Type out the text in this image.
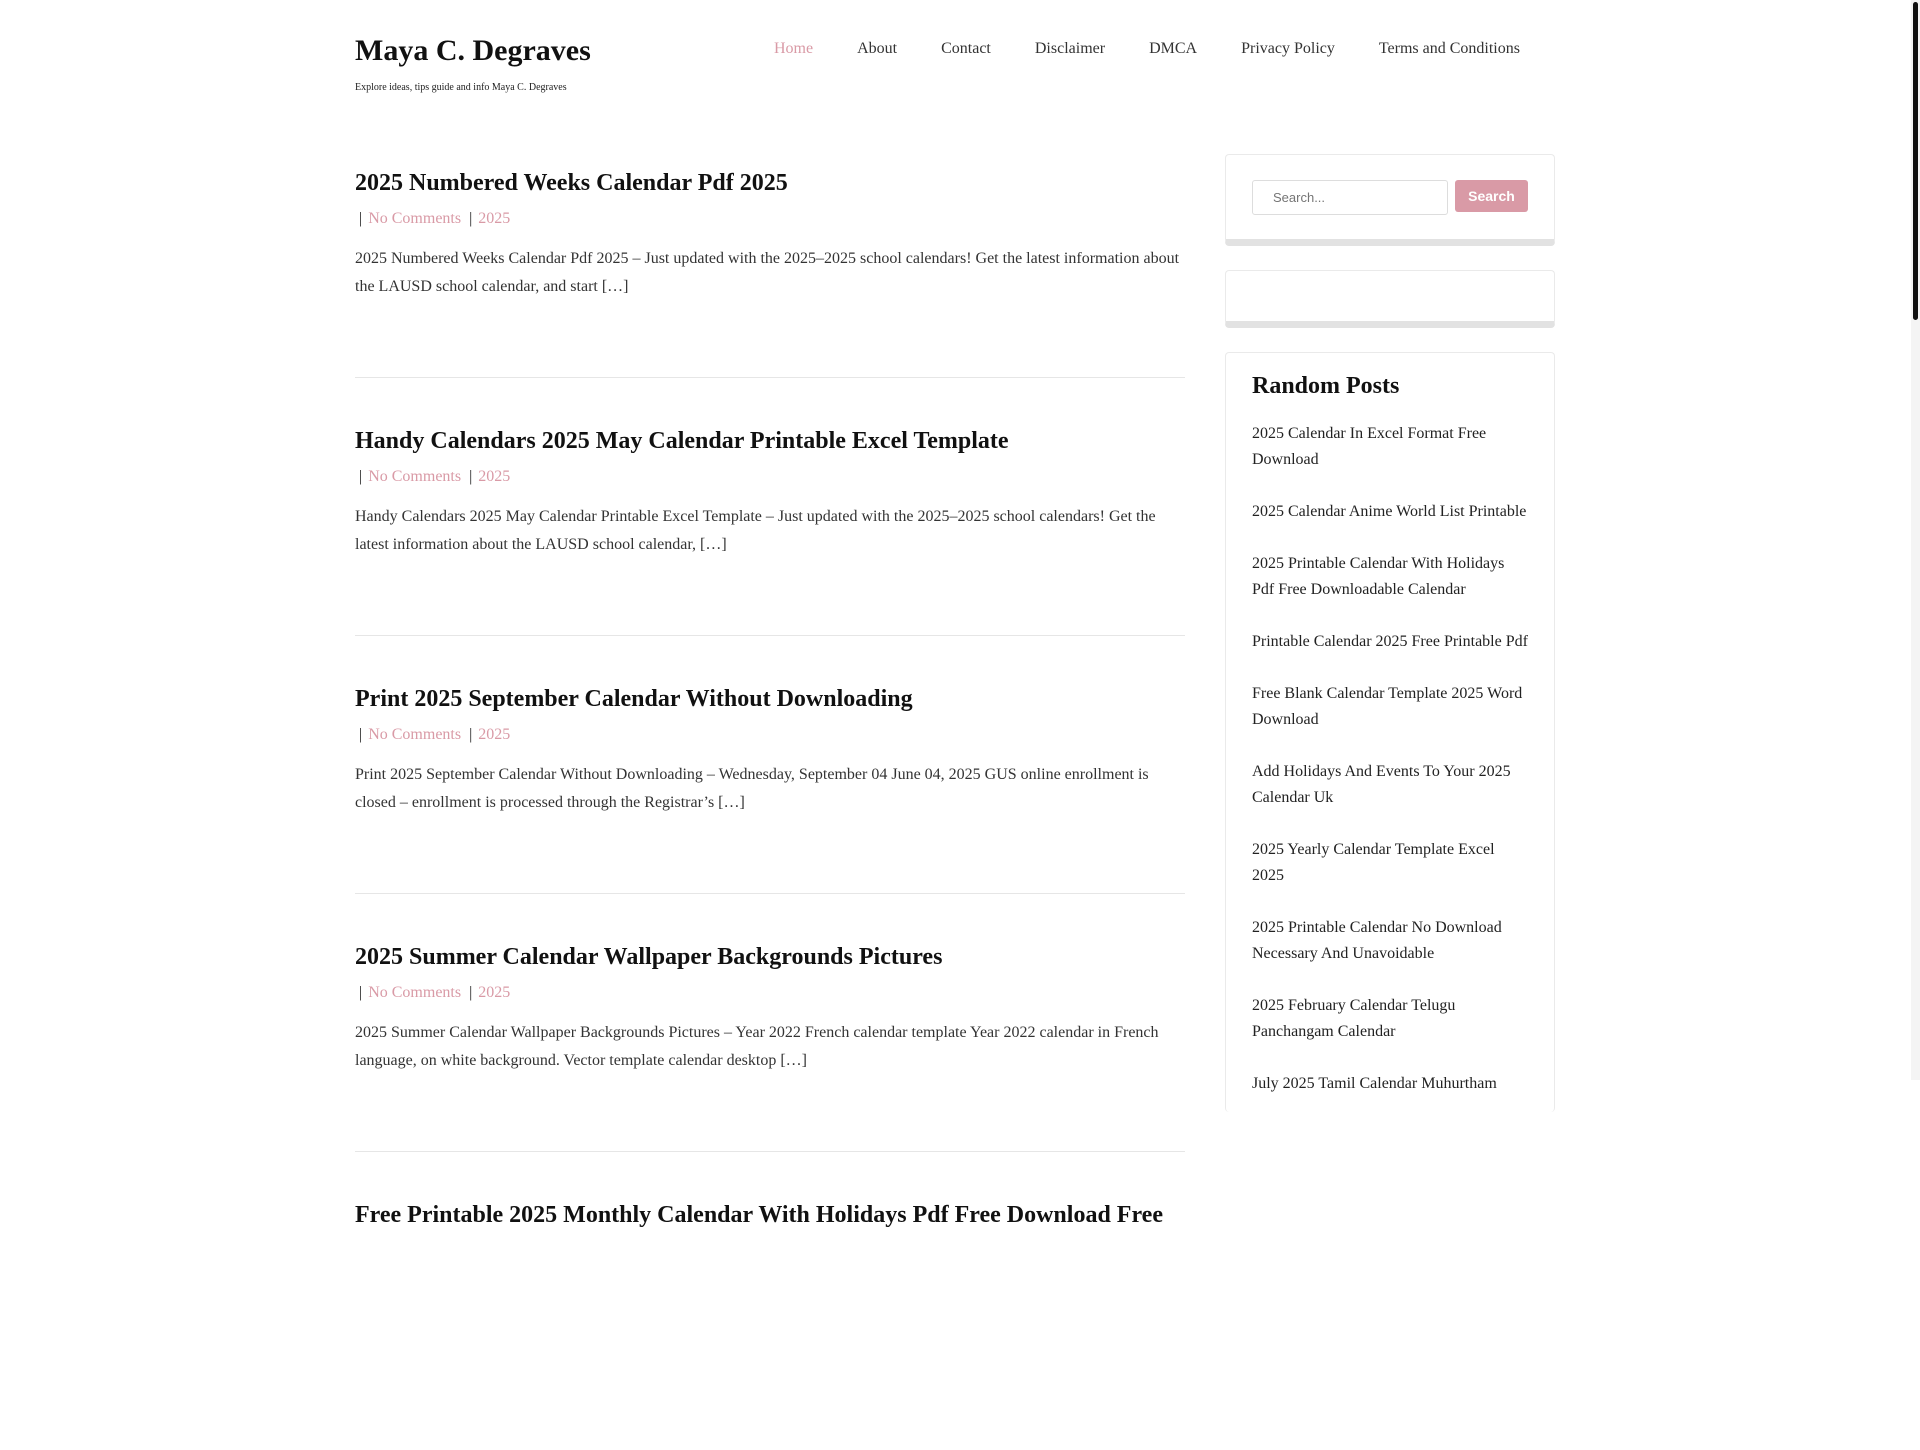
Maya C. Degraves
Explore ideas, tips guide and info Maya C. Degraves
Home	About	Contact	Disclaimer	DMCA	Privacy Policy	Terms and Conditions
2025 Numbered Weeks Calendar Pdf 2025
| No Comments | 2025
2025 Numbered Weeks Calendar Pdf 2025 – Just updated with the 2025–2025 school calendars! Get the latest information about the LAUSD school calendar, and start […]
Handy Calendars 2025 May Calendar Printable Excel Template
| No Comments | 2025
Handy Calendars 2025 May Calendar Printable Excel Template – Just updated with the 2025–2025 school calendars! Get the latest information about the LAUSD school calendar, […]
Print 2025 September Calendar Without Downloading
| No Comments | 2025
Print 2025 September Calendar Without Downloading – Wednesday, September 04 June 04, 2025 GUS online enrollment is closed – enrollment is processed through the Registrar’s […]
2025 Summer Calendar Wallpaper Backgrounds Pictures
| No Comments | 2025
2025 Summer Calendar Wallpaper Backgrounds Pictures – Year 2022 French calendar template Year 2022 calendar in French language, on white background. Vector template calendar desktop […]
Free Printable 2025 Monthly Calendar With Holidays Pdf Free Download Free
Search...
Search
Random Posts
2025 Calendar In Excel Format Free Download
2025 Calendar Anime World List Printable
2025 Printable Calendar With Holidays Pdf Free Downloadable Calendar
Printable Calendar 2025 Free Printable Pdf
Free Blank Calendar Template 2025 Word Download
Add Holidays And Events To Your 2025 Calendar Uk
2025 Yearly Calendar Template Excel 2025
2025 Printable Calendar No Download Necessary And Unavoidable
2025 February Calendar Telugu Panchangam Calendar
July 2025 Tamil Calendar Muhurtham
